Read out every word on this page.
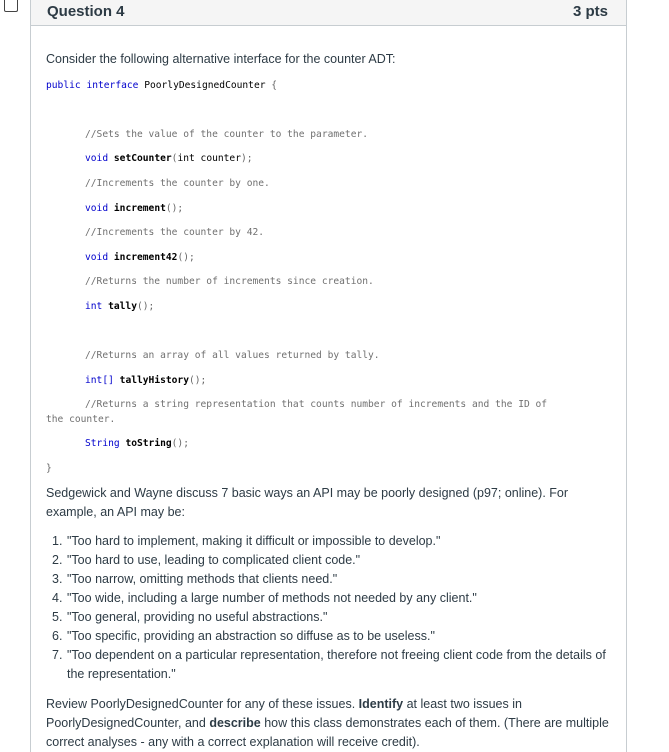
Question 4	3 pts
Consider the following alternative interface for the counter ADT:
public interface PoorlyDesignedCounter {
//Sets the value of the counter to the parameter.
void setCounter(int counter);
//Increments the counter by one.
void increment();
//Increments the counter by 42.
void increment42();
//Returns the number of increments since creation.
int tally();
//Returns an array of all values returned by tally.
int[] tallyHistory();
//Returns a string representation that counts number of increments and the ID of
the counter.
String toString();
}
Sedgewick and Wayne discuss 7 basic ways an API may be poorly designed (p97; online). For example, an API may be:
1. "Too hard to implement, making it difficult or impossible to develop."
2. "Too hard to use, leading to complicated client code."
3. "Too narrow, omitting methods that clients need."
4. "Too wide, including a large number of methods not needed by any client."
5. "Too general, providing no useful abstractions."
6. "Too specific, providing an abstraction so diffuse as to be useless."
7. "Too dependent on a particular representation, therefore not freeing client code from the details of the representation."
Review PoorlyDesignedCounter for any of these issues. Identify at least two issues in PoorlyDesignedCounter, and describe how this class demonstrates each of them. (There are multiple correct analyses - any with a correct explanation will receive credit).
